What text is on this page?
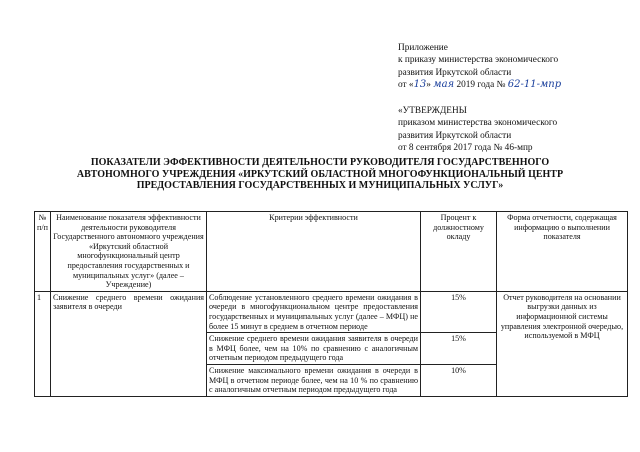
Приложение
к приказу министерства экономического
развития Иркутской области
от «13» мая 2019 года № 62-11-мпр
«УТВЕРЖДЕНЫ
приказом министерства экономического
развития Иркутской области
от 8 сентября 2017 года № 46-мпр
ПОКАЗАТЕЛИ ЭФФЕКТИВНОСТИ ДЕЯТЕЛЬНОСТИ РУКОВОДИТЕЛЯ ГОСУДАРСТВЕННОГО
АВТОНОМНОГО УЧРЕЖДЕНИЯ «ИРКУТСКИЙ ОБЛАСТНОЙ МНОГОФУНКЦИОНАЛЬНЫЙ ЦЕНТР
ПРЕДОСТАВЛЕНИЯ ГОСУДАРСТВЕННЫХ И МУНИЦИПАЛЬНЫХ УСЛУГ»
№ п/п	Наименование показателя эффективности деятельности руководителя Государственного автономного учреждения «Иркутский областной многофункциональный центр предоставления государственных и муниципальных услуг» (далее – Учреждение)	Критерии эффективности	Процент к должностному окладу	Форма отчетности, содержащая информацию о выполнении показателя
1	Снижение среднего времени ожидания заявителя в очереди	Соблюдение установленного среднего времени ожидания в очереди в многофункциональном центре предоставления государственных и муниципальных услуг (далее – МФЦ) не более 15 минут в среднем в отчетном периоде	15%	Отчет руководителя на основании выгрузки данных из информационной системы управления электронной очередью, используемой в МФЦ
		Снижение среднего времени ожидания заявителя в очереди в МФЦ более, чем на 10% по сравнению с аналогичным отчетным периодом предыдущего года	15%	
		Снижение максимального времени ожидания в очереди в МФЦ в отчетном периоде более, чем на 10 % по сравнению с аналогичным отчетным периодом предыдущего года	10%	
